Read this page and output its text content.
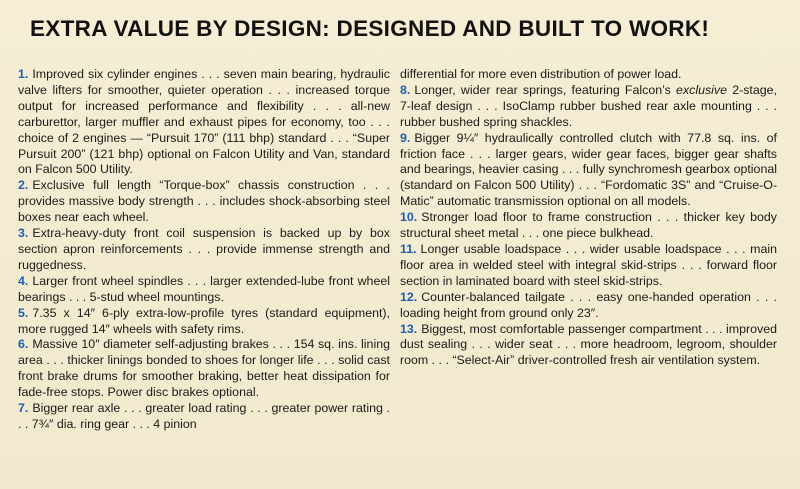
EXTRA VALUE BY DESIGN: DESIGNED AND BUILT TO WORK!

1. Improved six cylinder engines . . . seven main bearing, hydraulic valve lifters for smoother, quieter operation . . . increased torque output for increased performance and flexibility . . . all-new carburettor, larger muffler and exhaust pipes for economy, too . . . choice of 2 engines — “Pursuit 170” (111 bhp) standard . . . “Super Pursuit 200” (121 bhp) optional on Falcon Utility and Van, standard on Falcon 500 Utility.

2. Exclusive full length “Torque-box” chassis construction . . . provides massive body strength . . . includes shock-absorbing steel boxes near each wheel.

3. Extra-heavy-duty front coil suspension is backed up by box section apron reinforcements . . . provide immense strength and ruggedness.

4. Larger front wheel spindles . . . larger extended-lube front wheel bearings . . . 5-stud wheel mountings.

5. 7.35 x 14″ 6-ply extra-low-profile tyres (standard equipment), more rugged 14″ wheels with safety rims.

6. Massive 10″ diameter self-adjusting brakes . . . 154 sq. ins. lining area . . . thicker linings bonded to shoes for longer life . . . solid cast front brake drums for smoother braking, better heat dissipation for fade-free stops. Power disc brakes optional.

7. Bigger rear axle . . . greater load rating . . . greater power rating . . . 7¾″ dia. ring gear . . . 4 pinion

differential for more even distribution of power load.

8. Longer, wider rear springs, featuring Falcon’s exclusive 2-stage, 7-leaf design . . . IsoClamp rubber bushed rear axle mounting . . . rubber bushed spring shackles.

9. Bigger 9¼″ hydraulically controlled clutch with 77.8 sq. ins. of friction face . . . larger gears, wider gear faces, bigger gear shafts and bearings, heavier casing . . . fully synchromesh gearbox optional (standard on Falcon 500 Utility) . . . “Fordomatic 3S” and “Cruise-O-Matic” automatic transmission optional on all models.

10. Stronger load floor to frame construction . . . thicker key body structural sheet metal . . . one piece bulkhead.

11. Longer usable loadspace . . . wider usable loadspace . . . main floor area in welded steel with integral skid-strips . . . forward floor section in laminated board with steel skid-strips.

12. Counter-balanced tailgate . . . easy one-handed operation . . . loading height from ground only 23″.

13. Biggest, most comfortable passenger compartment . . . improved dust sealing . . . wider seat . . . more headroom, legroom, shoulder room . . . “Select-Air” driver-controlled fresh air ventilation system.
